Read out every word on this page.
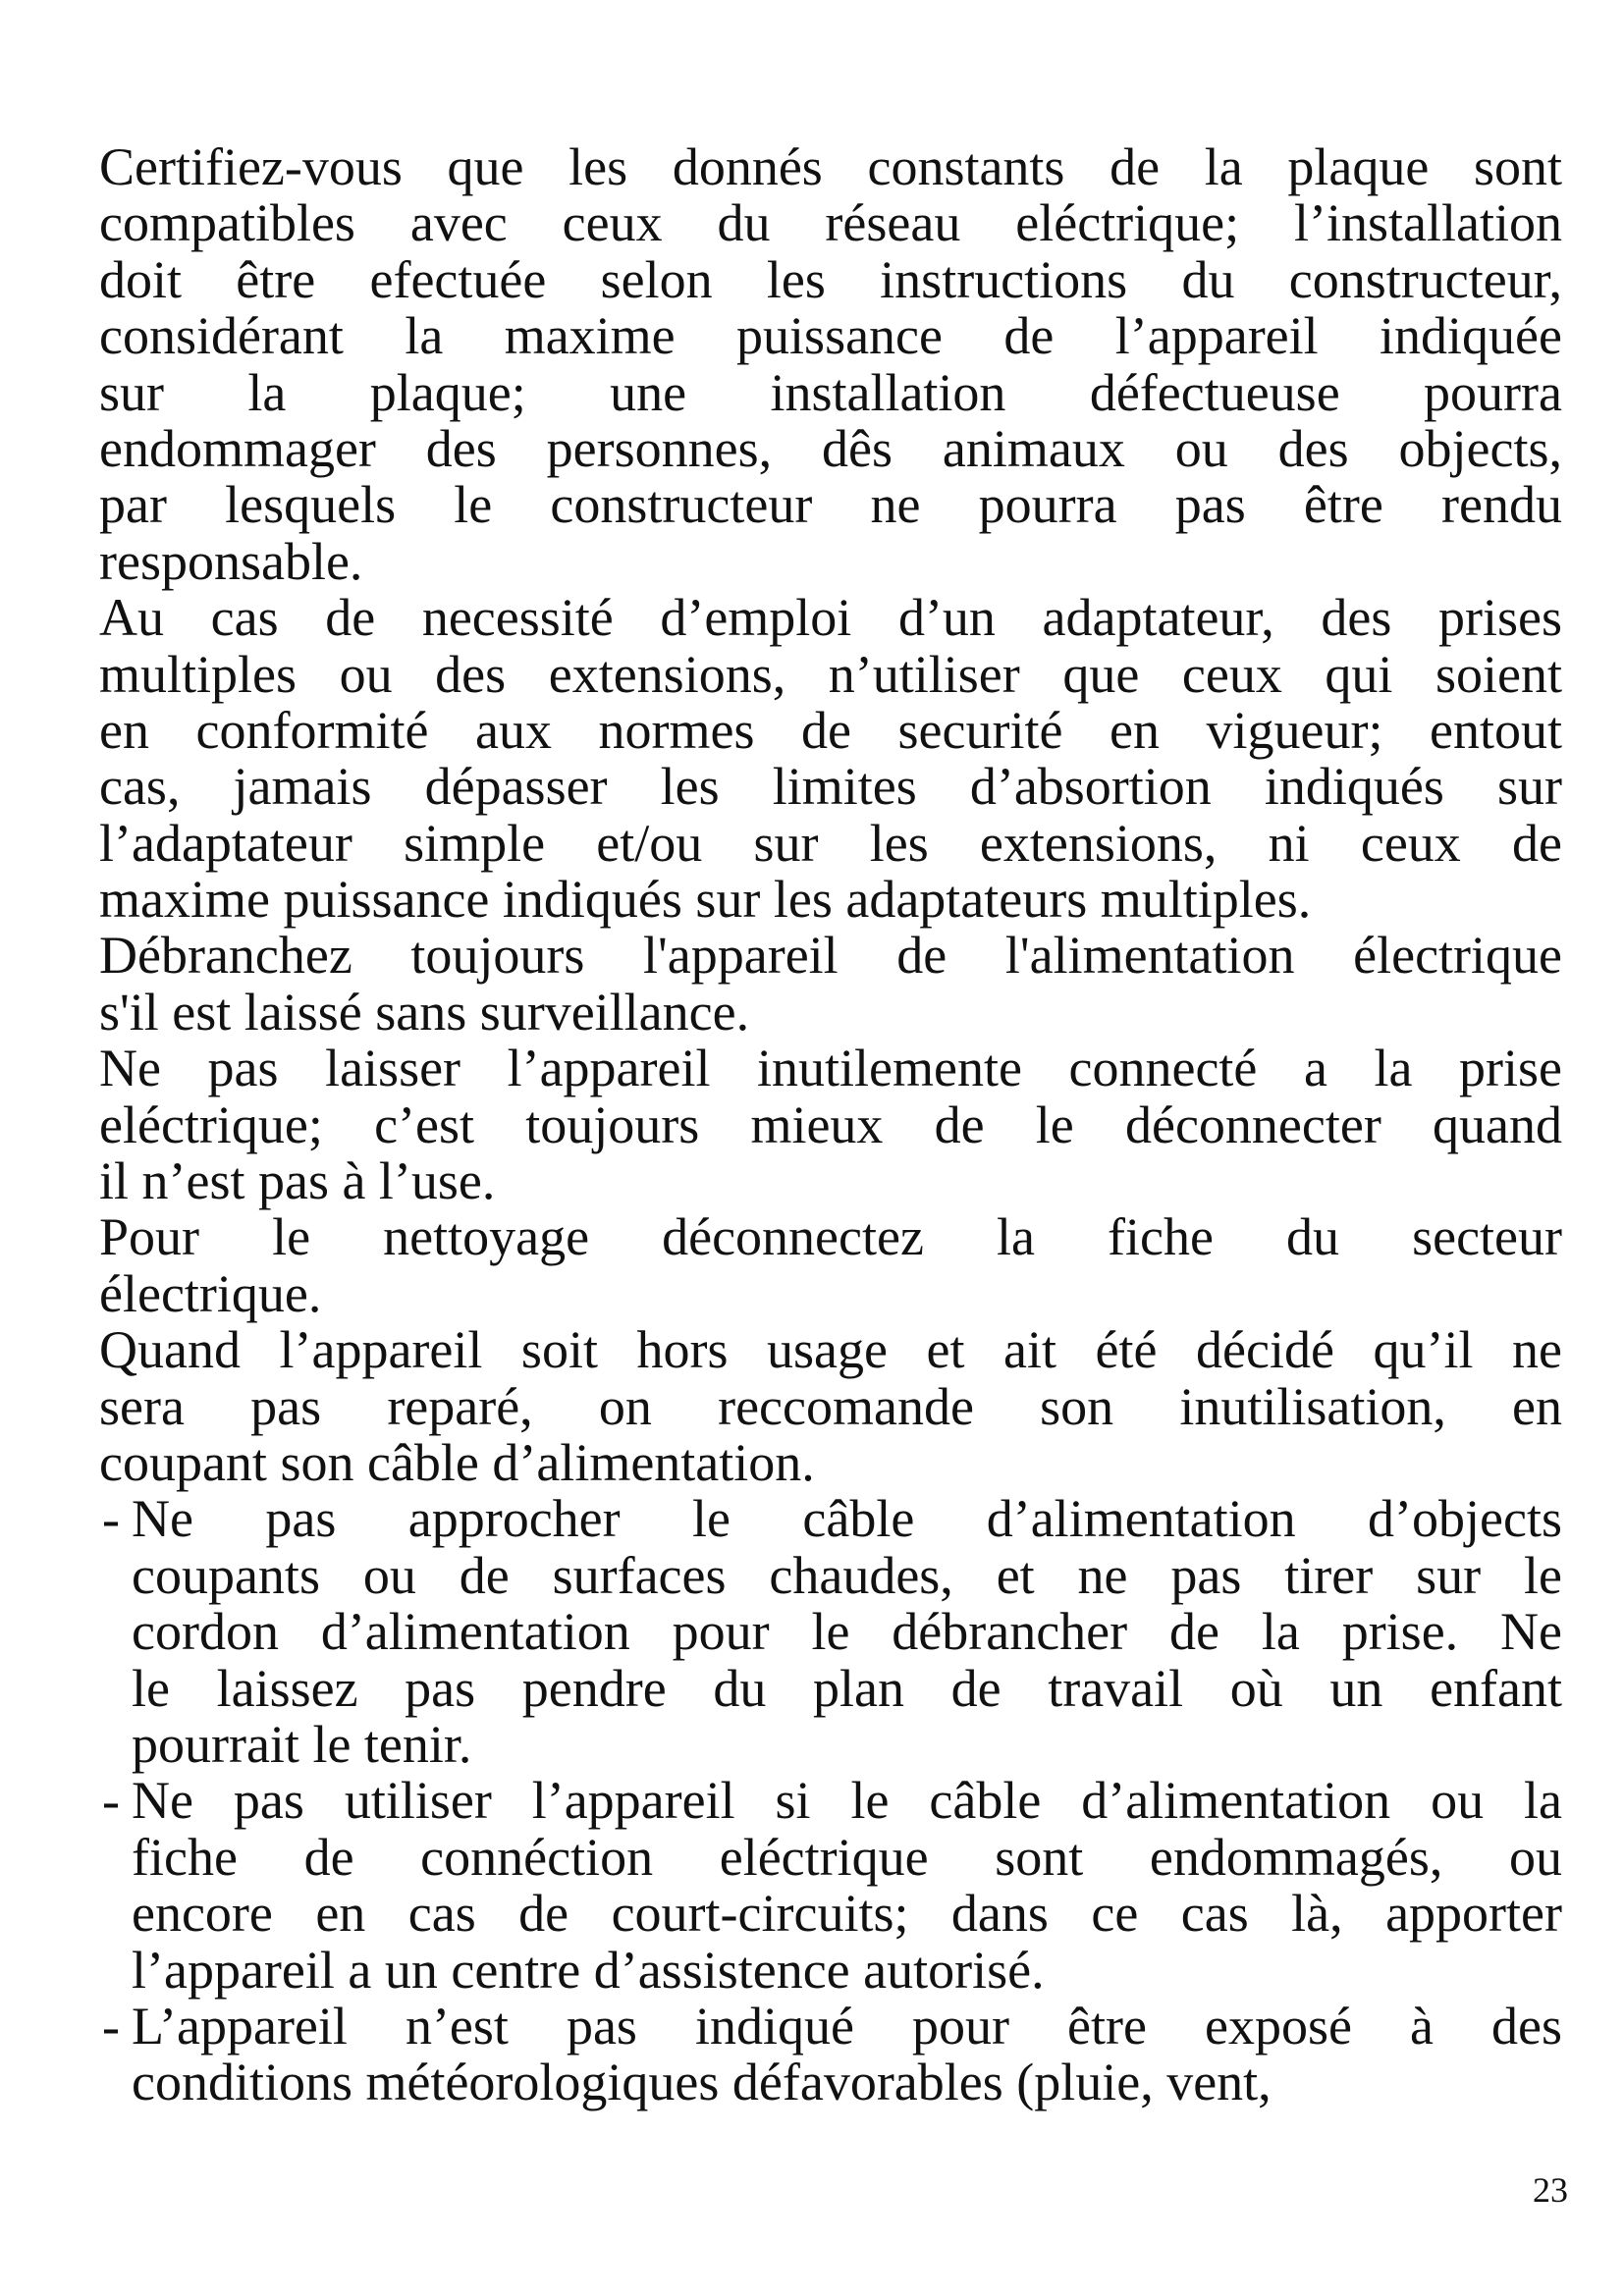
Certifiez-vous que les donnés constants de la plaque sont
compatibles avec ceux du réseau eléctrique; l’installation
doit être efectuée selon les instructions du constructeur,
considérant la maxime puissance de l’appareil indiquée
sur la plaque; une installation défectueuse pourra
endommager des personnes, dês animaux ou des objects,
par lesquels le constructeur ne pourra pas être rendu
responsable.
Au cas de necessité d’emploi d’un adaptateur, des prises
multiples ou des extensions, n’utiliser que ceux qui soient
en conformité aux normes de securité en vigueur; entout
cas, jamais dépasser les limites d’absortion indiqués sur
l’adaptateur simple et/ou sur les extensions, ni ceux de
maxime puissance indiqués sur les adaptateurs multiples.
Débranchez toujours l'appareil de l'alimentation électrique
s'il est laissé sans surveillance.
Ne pas laisser l’appareil inutilemente connecté a la prise
eléctrique; c’est toujours mieux de le déconnecter quand
il n’est pas à l’use.
Pour le nettoyage déconnectez la fiche du secteur
électrique.
Quand l’appareil soit hors usage et ait été décidé qu’il ne
sera pas reparé, on reccomande son inutilisation, en
coupant son câble d’alimentation.
- Ne pas approcher le câble d’alimentation d’objects
coupants ou de surfaces chaudes, et ne pas tirer sur le
cordon d’alimentation pour le débrancher de la prise. Ne
le laissez pas pendre du plan de travail où un enfant
pourrait le tenir.
- Ne pas utiliser l’appareil si le câble d’alimentation ou la
fiche de connéction eléctrique sont endommagés, ou
encore en cas de court-circuits; dans ce cas là, apporter
l’appareil a un centre d’assistence autorisé.
- L’appareil n’est pas indiqué pour être exposé à des
conditions météorologiques défavorables (pluie, vent,
23
